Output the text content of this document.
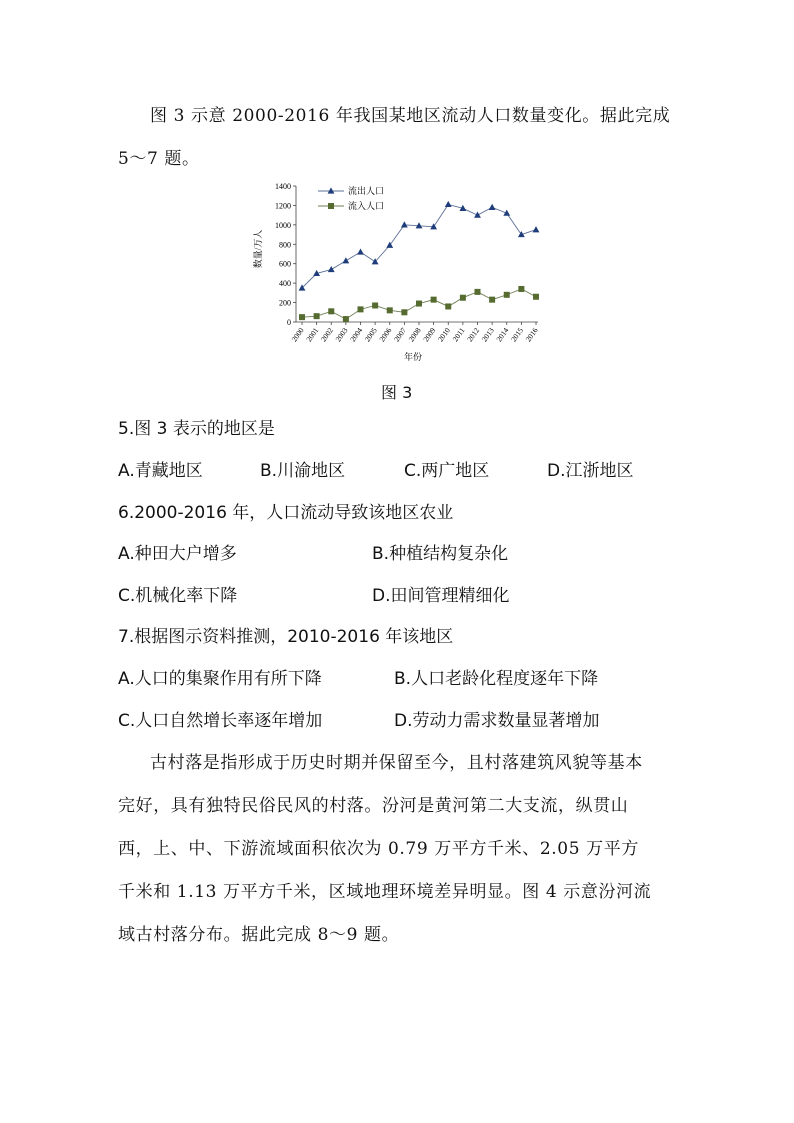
图 3 示意 2000-2016 年我国某地区流动人口数量变化。据此完成
5～7 题。
0
200
400
600
800
1000
1200
1400
2000
2001
2002
2003
2004
2005
2006
2007
2008
2009
2010
2011
2012
2013
2014
2015
2016
流出人口
流入人口
数量/万人
年份
图 3
5.图 3 表示的地区是
A.青藏地区	B.川渝地区	C.两广地区	D.江浙地区
6.2000-2016 年，人口流动导致该地区农业
A.种田大户增多	B.种植结构复杂化
C.机械化率下降	D.田间管理精细化
7.根据图示资料推测，2010-2016 年该地区
A.人口的集聚作用有所下降	B.人口老龄化程度逐年下降
C.人口自然增长率逐年增加	D.劳动力需求数量显著增加
古村落是指形成于历史时期并保留至今，且村落建筑风貌等基本
完好，具有独特民俗民风的村落。汾河是黄河第二大支流，纵贯山
西，上、中、下游流域面积依次为 0.79 万平方千米、2.05 万平方
千米和 1.13 万平方千米，区域地理环境差异明显。图 4 示意汾河流
域古村落分布。据此完成 8～9 题。
